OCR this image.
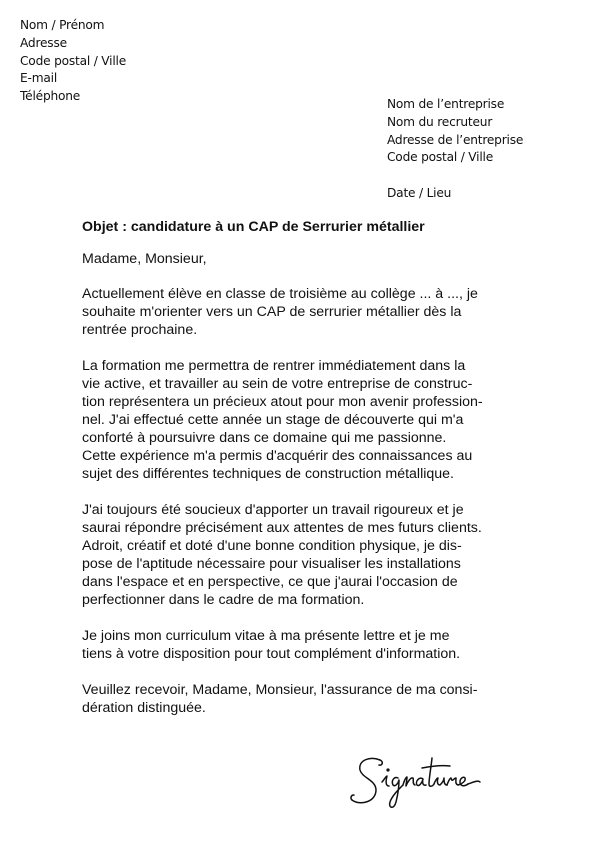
Nom / Prénom
Adresse
Code postal / Ville
E-mail
Téléphone
Nom de l’entreprise
Nom du recruteur
Adresse de l’entreprise
Code postal / Ville
Date / Lieu
Objet : candidature à un CAP de Serrurier métallier
Madame, Monsieur,
Actuellement élève en classe de troisième au collège ... à ..., je
souhaite m'orienter vers un CAP de serrurier métallier dès la
rentrée prochaine.
La formation me permettra de rentrer immédiatement dans la
vie active, et travailler au sein de votre entreprise de construc-
tion représentera un précieux atout pour mon avenir profession-
nel. J'ai effectué cette année un stage de découverte qui m'a
conforté à poursuivre dans ce domaine qui me passionne.
Cette expérience m'a permis d'acquérir des connaissances au
sujet des différentes techniques de construction métallique.
J'ai toujours été soucieux d'apporter un travail rigoureux et je
saurai répondre précisément aux attentes de mes futurs clients.
Adroit, créatif et doté d'une bonne condition physique, je dis-
pose de l'aptitude nécessaire pour visualiser les installations
dans l'espace et en perspective, ce que j'aurai l'occasion de
perfectionner dans le cadre de ma formation.
Je joins mon curriculum vitae à ma présente lettre et je me
tiens à votre disposition pour tout complément d'information.
Veuillez recevoir, Madame, Monsieur, l'assurance de ma consi-
dération distinguée.
